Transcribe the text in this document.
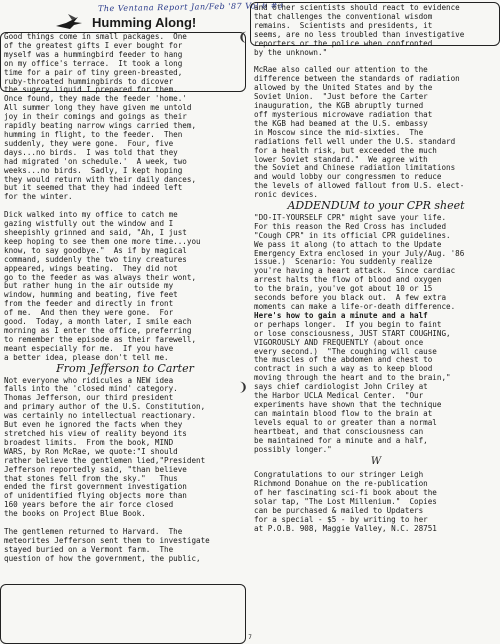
The Ventana Report Jan/Feb '87 Vol 6 #3
Humming Along!
❨
❩

Good things come in small packages.  One

of the greatest gifts I ever bought for

myself was a hummingbird feeder to hang

on my office's terrace.  It took a long

time for a pair of tiny green-breasted,

ruby-throated hummingbirds to dicover

the sugery liquid I prepared for them.

Once found, they made the feeder 'home.'

All summer long they have given me untold

joy in their comings and goings as their

rapidly beating narrow wings carried them,

humming in flight, to the feeder.  Then

suddenly, they were gone.  Four, five

days...no birds.  I was told that they

had migrated 'on schedule.'  A week, two

weeks...no birds.  Sadly, I kept hoping

they would return with their daily dances,

but it seemed that they had indeed left

for the winter.

Dick walked into my office to catch me

gazing wistfully out the window and I

sheepishly grinned and said, "Ah, I just

keep hoping to see them one more time...you

know, to say goodbye."  As if by magical

command, suddenly the two tiny creatures

appeared, wings beating.  They did not

go to the feeder as was always their wont,

but rather hung in the air outside my

window, humming and beating, five feet

from the feeder and directly in front

of me.  And then they were gone.  For

good.  Today, a month later, I smile each

morning as I enter the office, preferring

to remember the episode as their farewell,

meant especially for me.  If you have

a better idea, please don't tell me.

From Jefferson to Carter

Not everyone who ridicules a NEW idea

falls into the 'closed mind' category.

Thomas Jefferson, our third president

and primary author of the U.S. Constitution,

was certainly no intellectual reactionary.

But even he ignored the facts when they

stretched his view of reality beyond its

broadest limits.  From the book, MIND

WARS, by Ron McRae, we quote:"I should

rather believe the gentlemen lied,"President

Jefferson reportedly said, "than believe

that stones fell from the sky."   Thus

ended the first government investigation

of unidentified flying objects more than

160 years before the air force closed

the books on Project Blue Book.

The gentlemen returned to Harvard.  The

meteorites Jefferson sent them to investigate

stayed buried on a Vermont farm.  The

question of how the government, the public,

and other scientists should react to evidence

that challenges the conventional wisdom

remains.  Scientists and presidents, it

seems, are no less troubled than investigative

reporters or the police when confronted

by the unknown."

McRae also called our attention to the

difference between the standards of radiation

allowed by the United States and by the

Soviet Union.  "Just before the Carter

inauguration, the KGB abruptly turned

off mysterious microwave radiation that

the KGB had beamed at the U.S. embassy

in Moscow since the mid-sixties.  The

radiations fell well under the U.S. standard

for a health risk, but exceeded the much

lower Soviet standard."  We agree with

the Soviet and Chinese radiation limitations

and would lobby our congressmen to reduce

the levels of allowed fallout from U.S. elect-

ronic devices.

ADDENDUM to your CPR sheet

"DO-IT-YOURSELF CPR" might save your life.

For this reason the Red Cross has included

"Cough CPR" in its official CPR guidelines.

We pass it along (to attach to the Update

Emergency Extra enclosed in your July/Aug. '86

issue.)  Scenario: You suddenly realize

you're having a heart attack.  Since cardiac

arrest halts the flow of blood and oxygen

to the brain, you've got about 10 or 15

seconds before you black out.  A few extra

moments can make a life-or-death difference.

Here's how to gain a minute and a half

or perhaps longer.  If you begin to faint

or lose consciousness, JUST START COUGHING,

VIGOROUSLY AND FREQUENTLY (about once

every second.)  "The coughing will cause

the muscles of the abdomen and chest to

contract in such a way as to keep blood

moving through the heart and to the brain,"

says chief cardiologist John Criley at

the Harbor UCLA Medical Center.  "Our

experiments have shown that the technique

can maintain blood flow to the brain at

levels equal to or greater than a normal

heartbeat, and that consciousness can

be maintained for a minute and a half,

possibly longer."

W

Congratulations to our stringer Leigh

Richmond Donahue on the re-publication

of her fascinating sci-fi book about the

solar tap, "The Lost Millenium."  Copies

can be purchased & mailed to Updaters

for a special - $5 - by writing to her

at P.O.B. 908, Maggie Valley, N.C. 28751

7
